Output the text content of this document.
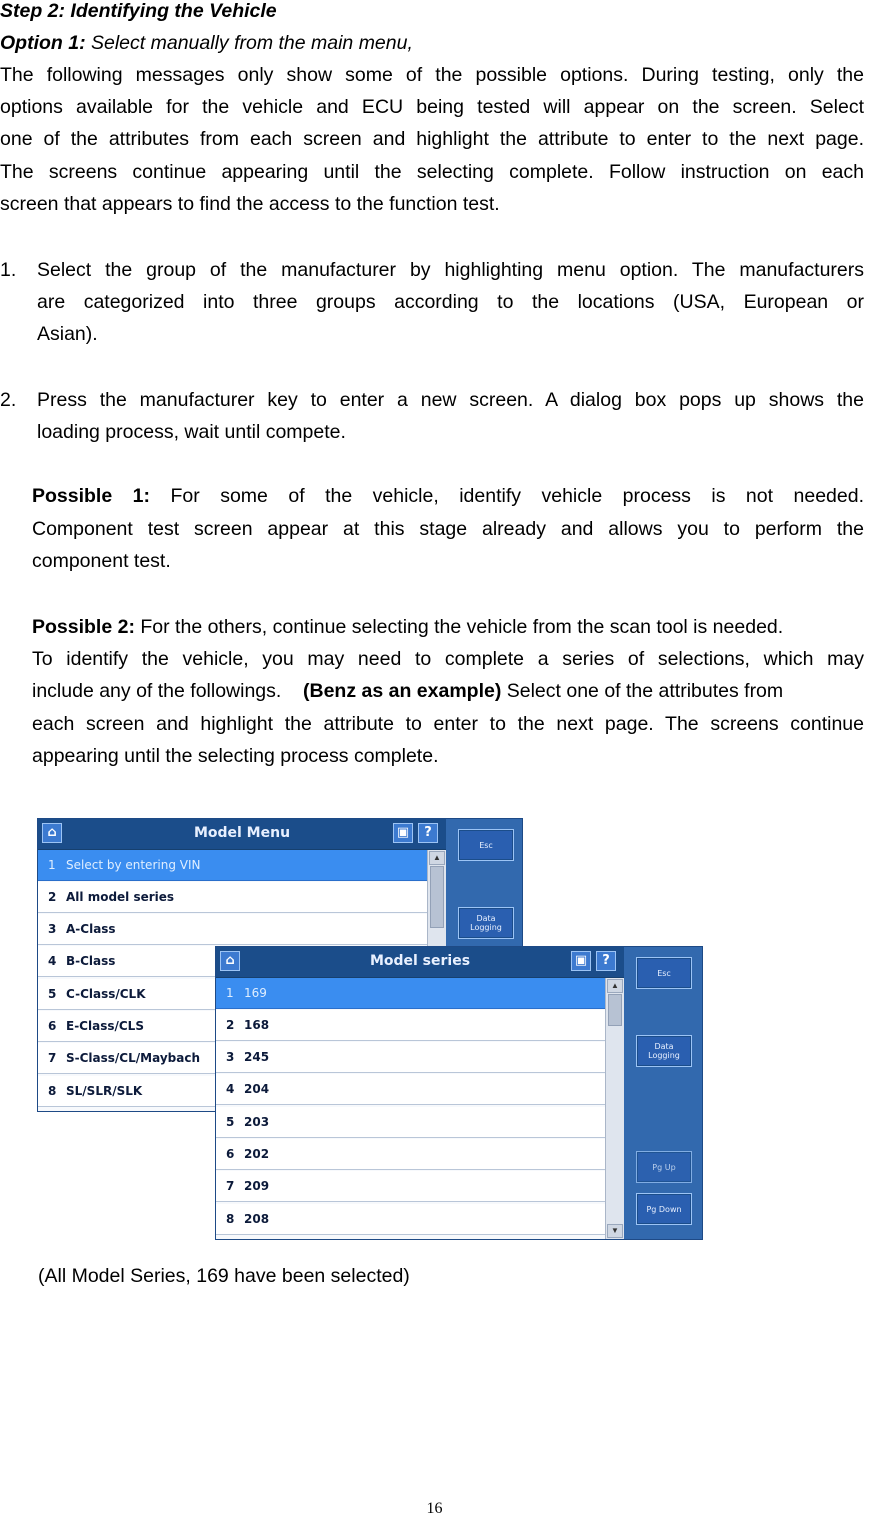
Step 2: Identifying the Vehicle
Option 1: Select manually from the main menu,
The following messages only show some of the possible options. During testing, only the
options available for the vehicle and ECU being tested will appear on the screen. Select
one of the attributes from each screen and highlight the attribute to enter to the next page.
The screens continue appearing until the selecting complete. Follow instruction on each
screen that appears to find the access to the function test.
1. Select the group of the manufacturer by highlighting menu option. The manufacturers
are categorized into three groups according to the locations (USA, European or
Asian).
2. Press the manufacturer key to enter a new screen. A dialog box pops up shows the
loading process, wait until compete.
Possible 1: For some of the vehicle, identify vehicle process is not needed.
Component test screen appear at this stage already and allows you to perform the
component test.
Possible 2: For the others, continue selecting the vehicle from the scan tool is needed.
To identify the vehicle, you may need to complete a series of selections, which may
include any of the followings.    (Benz as an example) Select one of the attributes from
each screen and highlight the attribute to enter to the next page. The screens continue
appearing until the selecting process complete.
⌂	Model Menu	▣	?
1 Select by entering VIN
2 All model series
3 A-Class
4 B-Class
5 C-Class/CLK
6 E-Class/CLS
7 S-Class/CL/Maybach
8 SL/SLR/SLK
▲
Esc
Data
Logging
⌂	Model series	▣	?
1 169
2 168
3 245
4 204
5 203
6 202
7 209
8 208
▲
▼
Esc
Data
Logging
Pg Up
Pg Down
(All Model Series, 169 have been selected)
16
